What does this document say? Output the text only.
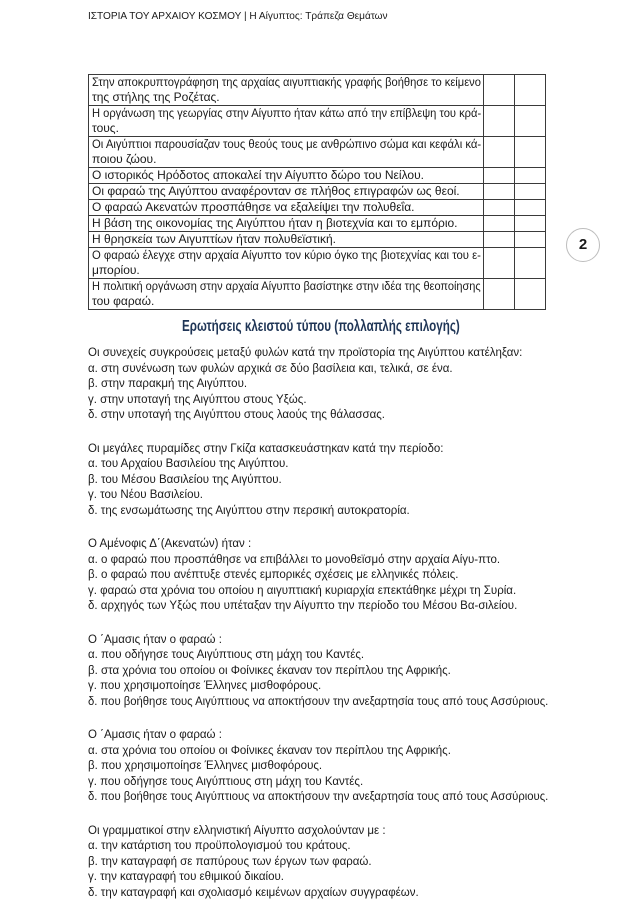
ΙΣΤΟΡΙΑ ΤΟΥ ΑΡΧΑΙΟΥ ΚΟΣΜΟΥ | Η Αίγυπτος: Τράπεζα Θεμάτων
Στην αποκρυπτογράφηση της αρχαίας αιγυπτιακής γραφής βοήθησε το κείμενο
της στήλης της Ροζέτας.		

Η οργάνωση της γεωργίας στην Αίγυπτο ήταν κάτω από την επίβλεψη του κρά-
τους.		

Οι Αιγύπτιοι παρουσίαζαν τους θεούς τους με ανθρώπινο σώμα και κεφάλι κά-
ποιου ζώου.		

Ο ιστορικός Ηρόδοτος αποκαλεί την Αίγυπτο δώρο του Νείλου.		

Οι φαραώ της Αιγύπτου αναφέρονταν σε πλήθος επιγραφών ως θεοί.		

Ο φαραώ Ακενατών προσπάθησε να εξαλείψει την πολυθεΐα.		

Η βάση της οικονομίας της Αιγύπτου ήταν η βιοτεχνία και το εμπόριο.		

Η θρησκεία των Αιγυπτίων ήταν πολυθεϊστική.		

Ο φαραώ έλεγχε στην αρχαία Αίγυπτο τον κύριο όγκο της βιοτεχνίας και του ε-
μπορίου.		

Η πολιτική οργάνωση στην αρχαία Αίγυπτο βασίστηκε στην ιδέα της θεοποίησης
του φαραώ.		

2
Ερωτήσεις κλειστού τύπου (πολλαπλής επιλογής)
Οι συνεχείς συγκρούσεις μεταξύ φυλών κατά την προϊστορία της Αιγύπτου κατέληξαν:
α. στη συνένωση των φυλών αρχικά σε δύο βασίλεια και, τελικά, σε ένα.
β. στην παρακμή της Αιγύπτου.
γ. στην υποταγή της Αιγύπτου στους Υξώς.
δ. στην υποταγή της Αιγύπτου στους λαούς της θάλασσας.
Οι μεγάλες πυραμίδες στην Γκίζα κατασκευάστηκαν κατά την περίοδο:
α. του Αρχαίου Βασιλείου της Αιγύπτου.
β. του Μέσου Βασιλείου της Αιγύπτου.
γ. του Νέου Βασιλείου.
δ. της ενσωμάτωσης της Αιγύπτου στην περσική αυτοκρατορία.
Ο Αμένοφις Δ΄(Ακενατών) ήταν :
α. ο φαραώ που προσπάθησε να επιβάλλει το μονοθεϊσμό στην αρχαία Αίγυ-πτο.
β. ο φαραώ που ανέπτυξε στενές εμπορικές σχέσεις με ελληνικές πόλεις.
γ. φαραώ στα χρόνια του οποίου η αιγυπτιακή κυριαρχία επεκτάθηκε μέχρι τη Συρία.
δ. αρχηγός των Υξώς που υπέταξαν την Αίγυπτο την περίοδο του Μέσου Βα-σιλείου.
Ο ΄Αμασις ήταν ο φαραώ :
α. που οδήγησε τους Αιγύπτιους στη μάχη του Καντές.
β. στα χρόνια του οποίου οι Φοίνικες έκαναν τον περίπλου της Αφρικής.
γ. που χρησιμοποίησε Έλληνες μισθοφόρους.
δ. που βοήθησε τους Αιγύπτιους να αποκτήσουν την ανεξαρτησία τους από τους Ασσύριους.
Ο ΄Αμασις ήταν ο φαραώ :
α. στα χρόνια του οποίου οι Φοίνικες έκαναν τον περίπλου της Αφρικής.
β. που χρησιμοποίησε Έλληνες μισθοφόρους.
γ. που οδήγησε τους Αιγύπτιους στη μάχη του Καντές.
δ. που βοήθησε τους Αιγύπτιους να αποκτήσουν την ανεξαρτησία τους από τους Ασσύριους.
Οι γραμματικοί στην ελληνιστική Αίγυπτο ασχολούνταν με :
α. την κατάρτιση του προϋπολογισμού του κράτους.
β. την καταγραφή σε παπύρους των έργων των φαραώ.
γ. την καταγραφή του εθιμικού δικαίου.
δ. την καταγραφή και σχολιασμό κειμένων αρχαίων συγγραφέων.
